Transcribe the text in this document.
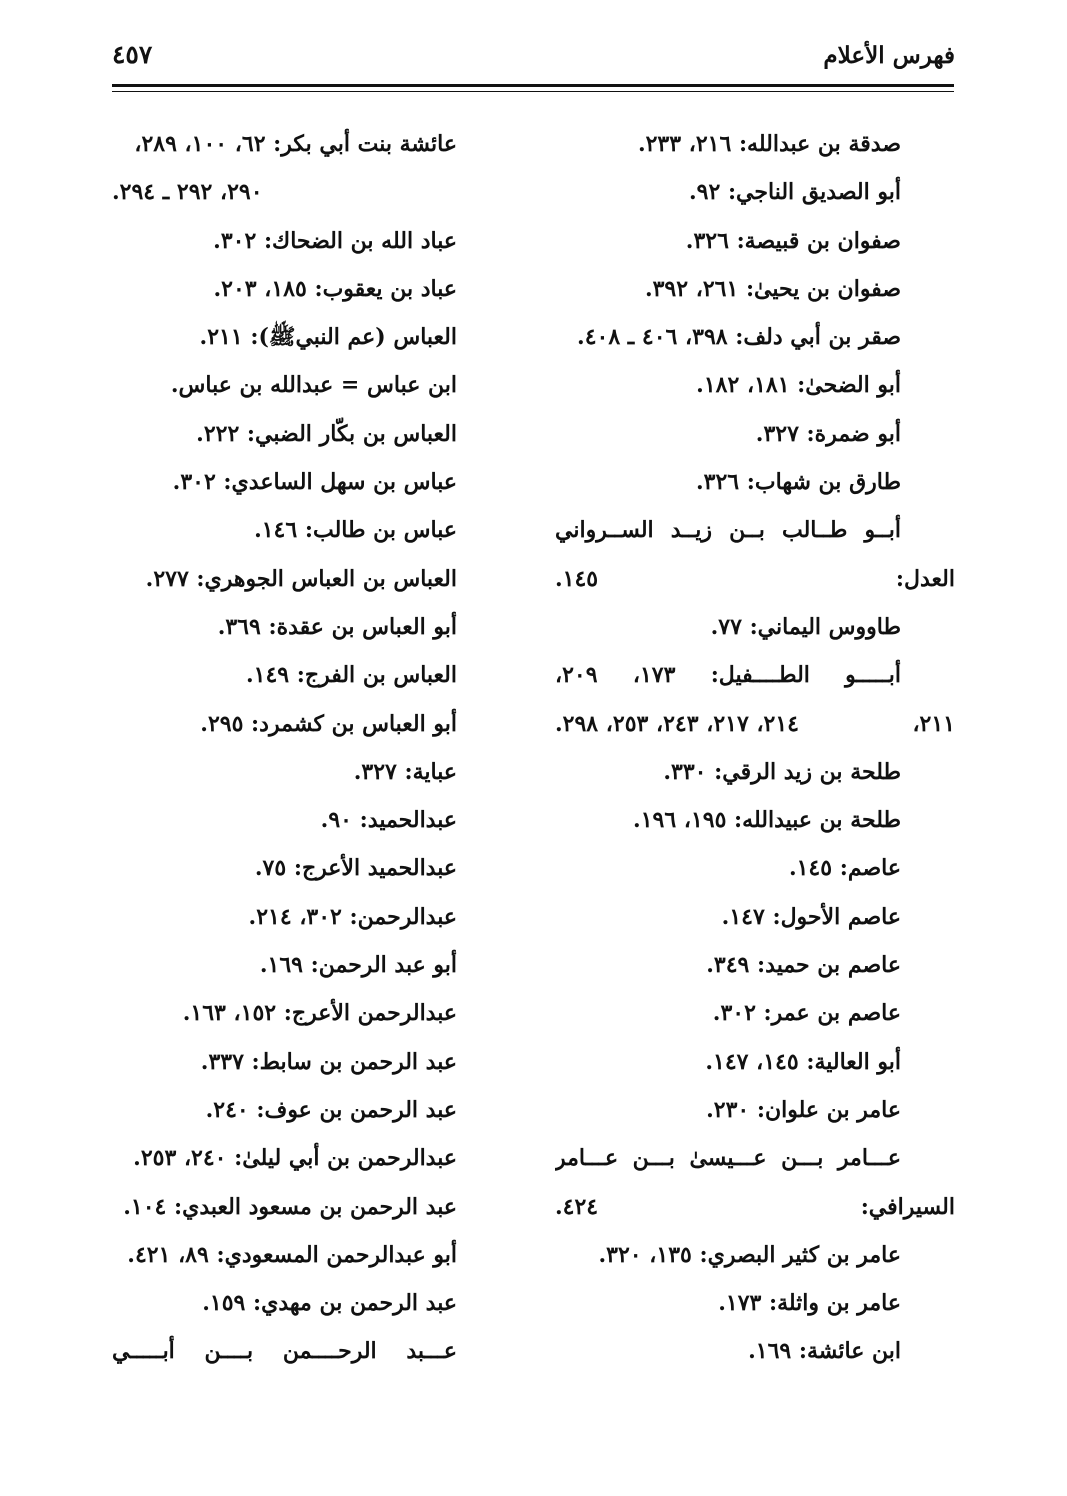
فهرس الأعلام
٤٥٧
صدقة بن عبدالله: ٢١٦، ٢٣٣.
أبو الصديق الناجي: ٩٢.
صفوان بن قبيصة: ٣٢٦.
صفوان بن يحيىٰ: ٢٦١، ٣٩٢.
صقر بن أبي دلف: ٣٩٨، ٤٠٦ ـ ٤٠٨.
أبو الضحىٰ: ١٨١، ١٨٢.
أبو ضمرة: ٣٢٧.
طارق بن شهاب: ٣٢٦.
أبــو طــالب بــن زيــد الســرواني
العدل:
١٤٥.
طاووس اليماني: ٧٧.
أبـــــو الطــــفيل: ١٧٣، ٢٠٩،
٢١١،
٢١٤، ٢١٧، ٢٤٣، ٢٥٣، ٢٩٨.
طلحة بن زيد الرقي: ٣٣٠.
طلحة بن عبيدالله: ١٩٥، ١٩٦.
عاصم: ١٤٥.
عاصم الأحول: ١٤٧.
عاصم بن حميد: ٣٤٩.
عاصم بن عمر: ٣٠٢.
أبو العالية: ١٤٥، ١٤٧.
عامر بن علوان: ٢٣٠.
عـــامر بـــن عـــيسىٰ بـــن عـــامر
السيرافي:
٤٢٤.
عامر بن كثير البصري: ١٣٥، ٣٢٠.
عامر بن واثلة: ١٧٣.
ابن عائشة: ١٦٩.
عائشة بنت أبي بكر: ٦٢، ١٠٠، ٢٨٩،
٢٩٠، ٢٩٢ ـ ٢٩٤.
عباد الله بن الضحاك: ٣٠٢.
عباد بن يعقوب: ١٨٥، ٢٠٣.
العباس (عم النبيﷺ): ٢١١.
ابن عباس = عبدالله بن عباس.
العباس بن بكّار الضبي: ٢٢٢.
عباس بن سهل الساعدي: ٣٠٢.
عباس بن طالب: ١٤٦.
العباس بن العباس الجوهري: ٢٧٧.
أبو العباس بن عقدة: ٣٦٩.
العباس بن الفرج: ١٤٩.
أبو العباس بن كشمرد: ٢٩٥.
عباية: ٣٢٧.
عبدالحميد: ٩٠.
عبدالحميد الأعرج: ٧٥.
عبدالرحمن: ٣٠٢، ٢١٤.
أبو عبد الرحمن: ١٦٩.
عبدالرحمن الأعرج: ١٥٢، ١٦٣.
عبد الرحمن بن سابط: ٣٣٧.
عبد الرحمن بن عوف: ٢٤٠.
عبدالرحمن بن أبي ليلىٰ: ٢٤٠، ٢٥٣.
عبد الرحمن بن مسعود العبدي: ١٠٤.
أبو عبدالرحمن المسعودي: ٨٩، ٤٢١.
عبد الرحمن بن مهدي: ١٥٩.
عـــبد الرحــــمن بــــن أبـــــي
